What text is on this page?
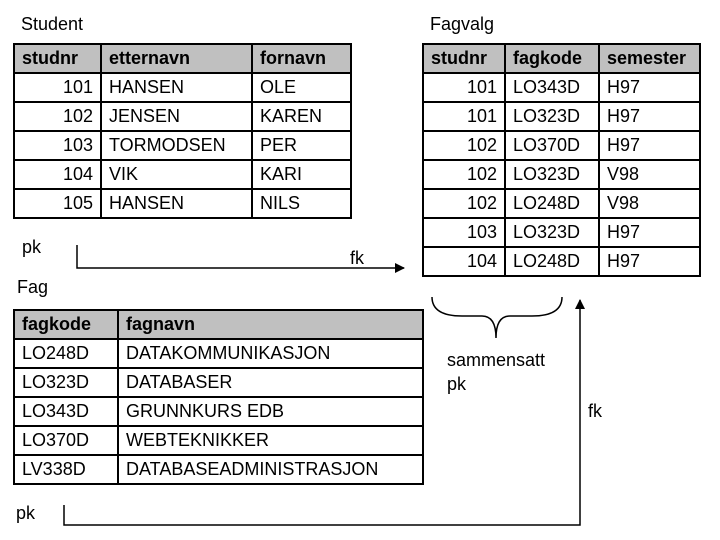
Student
studnr	etternavn	fornavn
101	HANSEN	OLE
102	JENSEN	KAREN
103	TORMODSEN	PER
104	VIK	KARI
105	HANSEN	NILS
pk
Fagvalg
studnr	fagkode	semester
101	LO343D	H97
101	LO323D	H97
102	LO370D	H97
102	LO323D	V98
102	LO248D	V98
103	LO323D	H97
104	LO248D	H97
sammensatt
pk
Fag
fagkode	fagnavn
LO248D	DATAKOMMUNIKASJON
LO323D	DATABASER
LO343D	GRUNNKURS EDB
LO370D	WEBTEKNIKKER
LV338D	DATABASEADMINISTRASJON
pk
fk
fk
